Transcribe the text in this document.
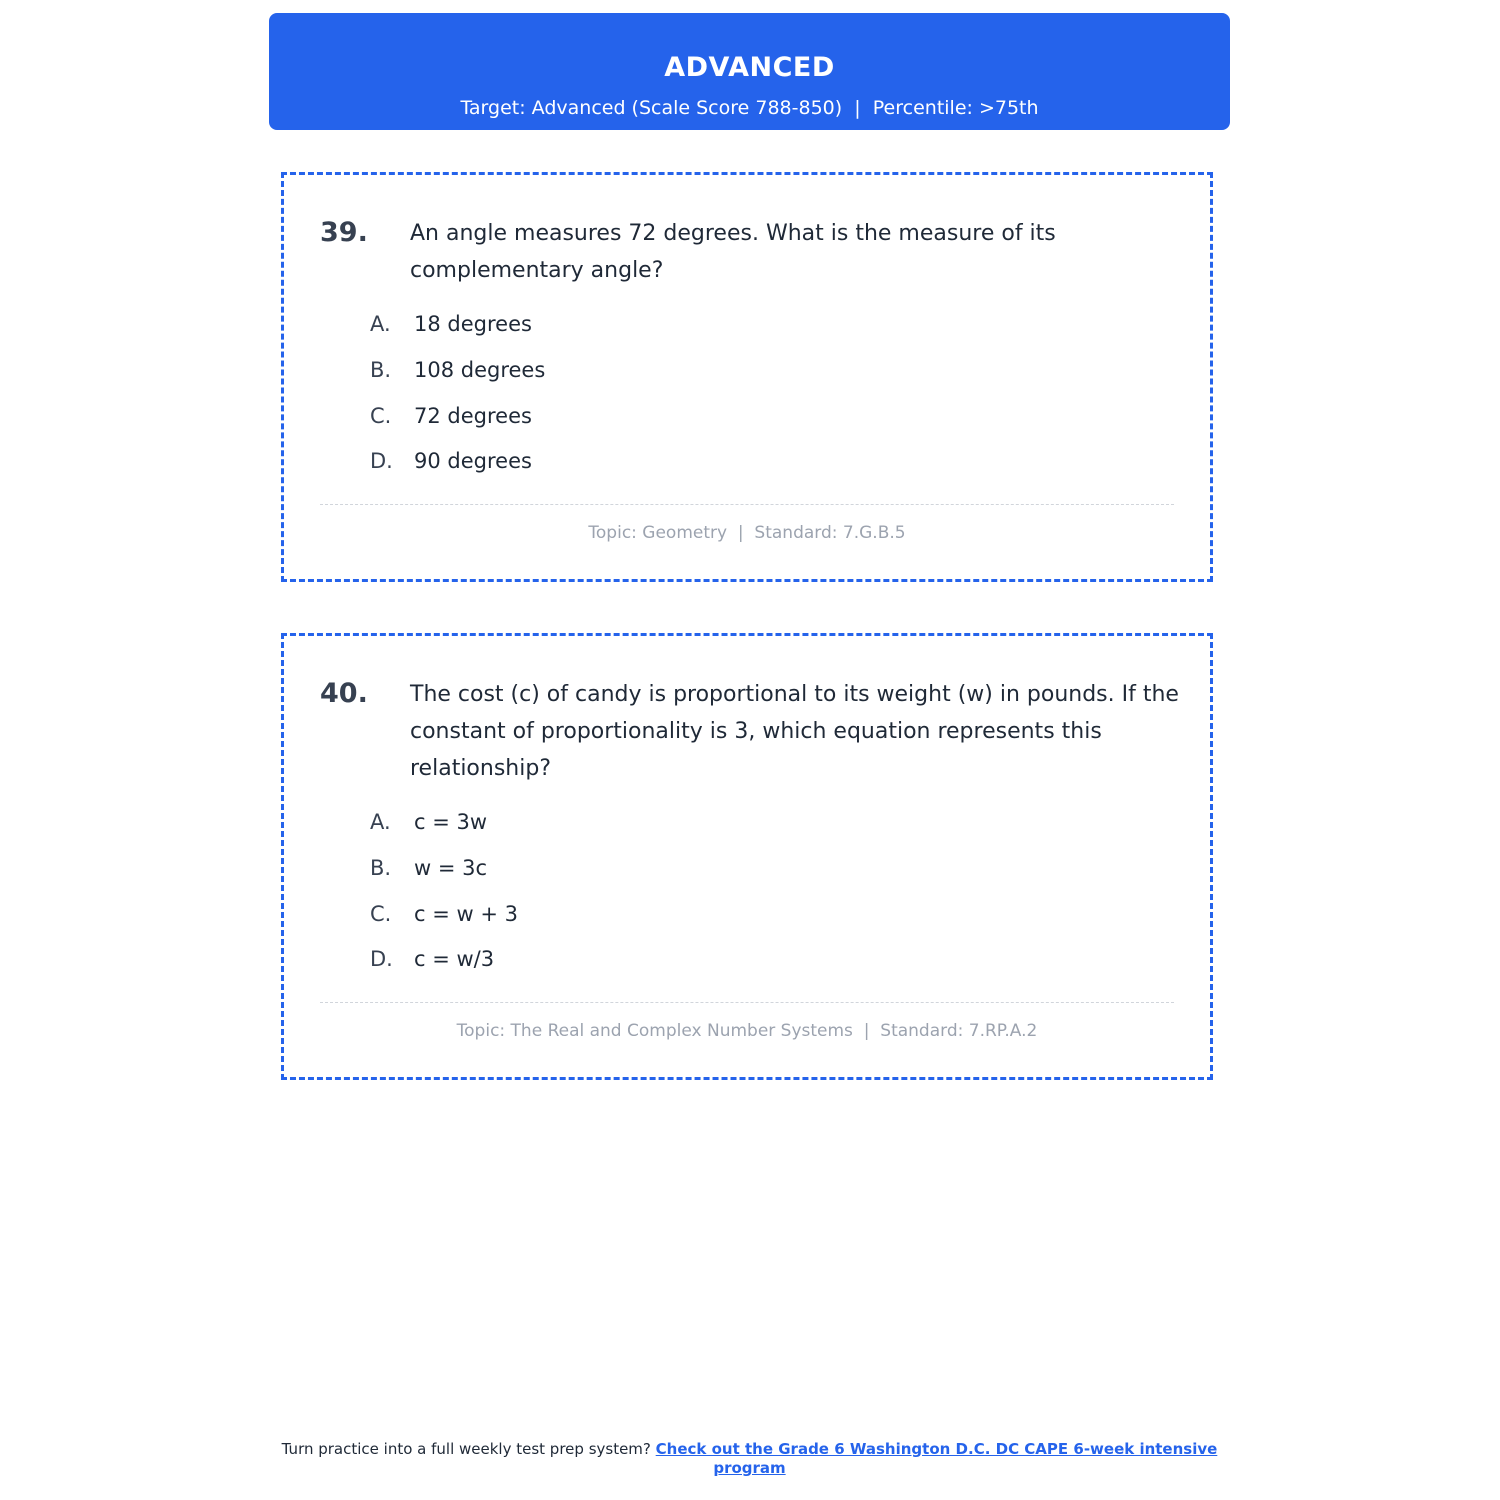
ADVANCED
Target: Advanced (Scale Score 788-850) | Percentile: >75th
39. An angle measures 72 degrees. What is the measure of its complementary angle?
A. 18 degrees
B. 108 degrees
C. 72 degrees
D. 90 degrees
Topic: Geometry | Standard: 7.G.B.5
40. The cost (c) of candy is proportional to its weight (w) in pounds. If the constant of proportionality is 3, which equation represents this relationship?
A. c = 3w
B. w = 3c
C. c = w + 3
D. c = w/3
Topic: The Real and Complex Number Systems | Standard: 7.RP.A.2
Turn practice into a full weekly test prep system? Check out the Grade 6 Washington D.C. DC CAPE 6-week intensive program
